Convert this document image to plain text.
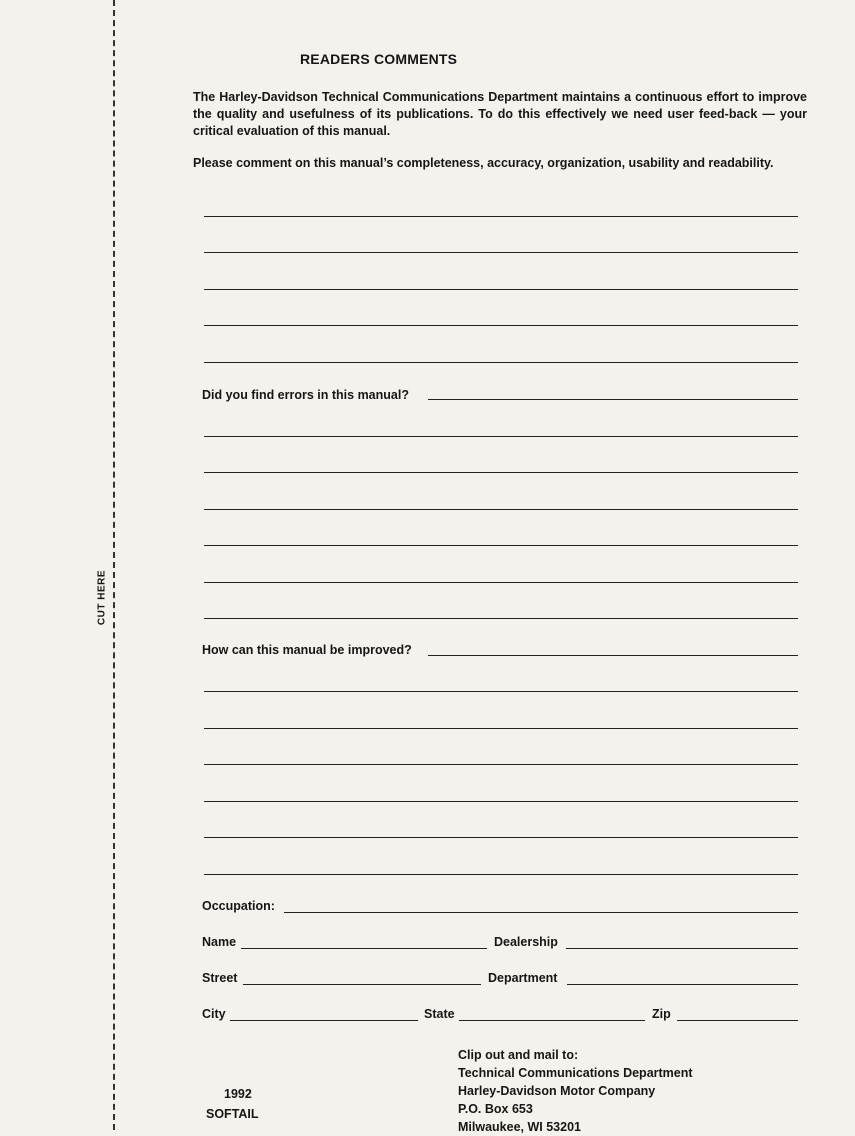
CUT HERE
READERS COMMENTS
The Harley-Davidson Technical Communications Department maintains a continuous effort to improve the quality and usefulness of its publications. To do this effectively we need user feed-back — your critical evaluation of this manual.
Please comment on this manual’s completeness, accuracy, organization, usability and readability.
Did you find errors in this manual?
How can this manual be improved?
Occupation:
Name	Dealership
Street	Department
City	State	Zip
1992
SOFTAIL
Clip out and mail to:
Technical Communications Department
Harley-Davidson Motor Company
P.O. Box 653
Milwaukee, WI 53201
